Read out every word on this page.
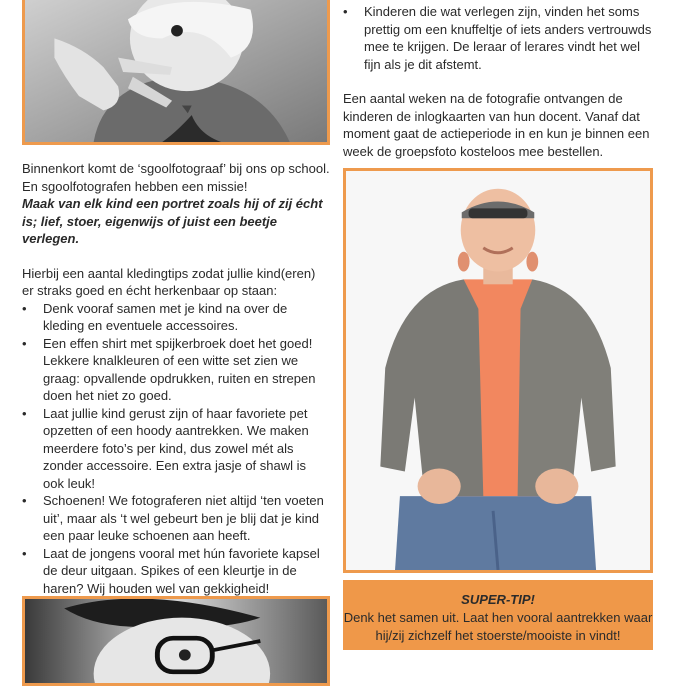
Binnenkort komt de ‘sgoolfotograaf’ bij ons op school.

En sgoolfotografen hebben een missie!

Maak van elk kind een portret zoals hij of zij écht is; lief, stoer, eigenwijs of juist een beetje verlegen.

Hierbij een aantal kledingtips zodat jullie kind(eren) er straks goed en écht herkenbaar op staan:

• Denk vooraf samen met je kind na over de kleding en eventuele accessoires.
• Een effen shirt met spijkerbroek doet het goed! Lekkere knalkleuren of een witte set zien we graag: opvallende opdrukken, ruiten en strepen doen het niet zo goed.
• Laat jullie kind gerust zijn of haar favoriete pet opzetten of een hoody aantrekken. We maken meerdere foto’s per kind, dus zowel mét als zonder accessoire. Een extra jasje of shawl is ook leuk!
• Schoenen! We fotograferen niet altijd ‘ten voeten uit’, maar als ‘t wel gebeurt ben je blij dat je kind een paar leuke schoenen aan heeft.
• Laat de jongens vooral met hún favoriete kapsel de deur uitgaan. Spikes of een kleurtje in de haren? Wij houden wel van gekkigheid!
• Kinderen die wat verlegen zijn, vinden het soms prettig om een knuffeltje of iets anders vertrouwds mee te krijgen. De leraar of lerares vindt het wel fijn als je dit afstemt.

Een aantal weken na de fotografie ontvangen de kinderen de inlogkaarten van hun docent. Vanaf dat moment gaat de actieperiode in en kun je binnen een week de groepsfoto kosteloos mee bestellen.

SUPER-TIP!
Denk het samen uit. Laat hen vooral aantrekken waar hij/zij zichzelf het stoerste/mooiste in vindt!
